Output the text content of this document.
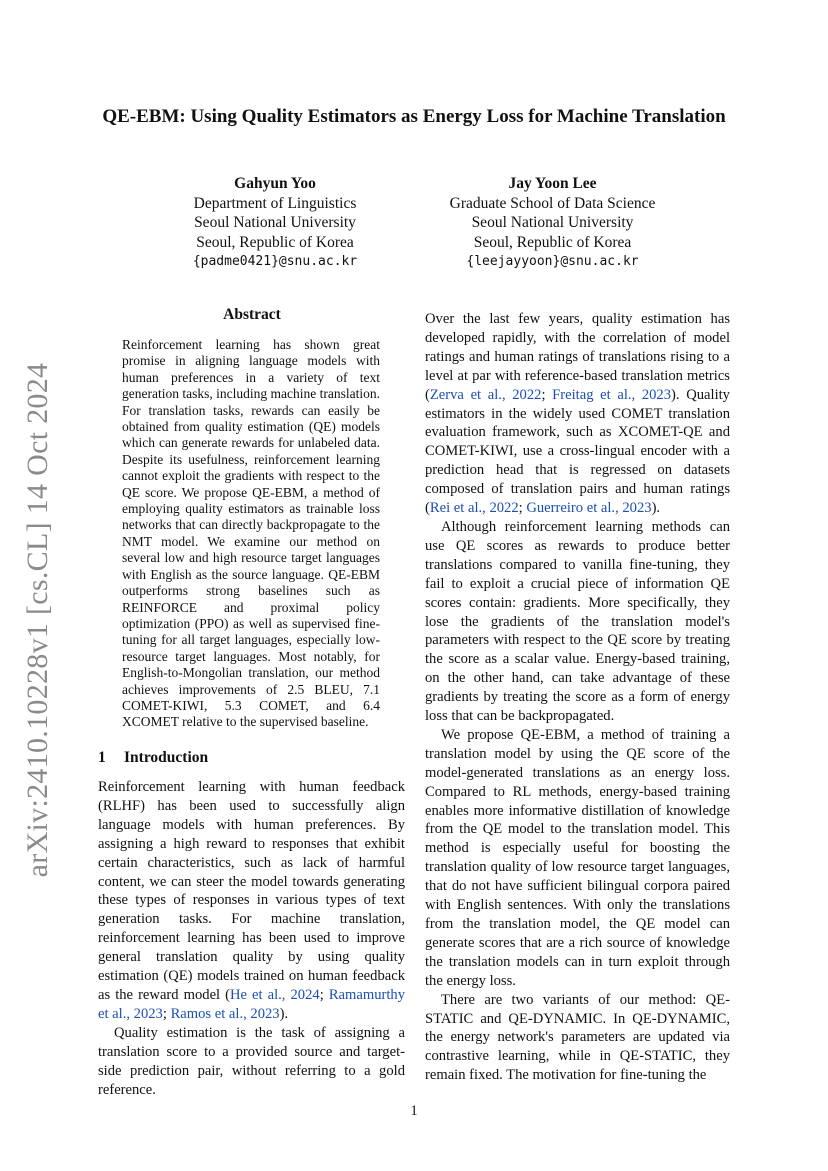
arXiv:2410.10228v1 [cs.CL] 14 Oct 2024
QE-EBM: Using Quality Estimators as Energy Loss for Machine Translation
Gahyun Yoo
Department of Linguistics
Seoul National University
Seoul, Republic of Korea
{padme0421}@snu.ac.kr
Jay Yoon Lee
Graduate School of Data Science
Seoul National University
Seoul, Republic of Korea
{leejayyoon}@snu.ac.kr
Abstract
Reinforcement learning has shown great promise in aligning language models with human preferences in a variety of text generation tasks, including machine translation. For translation tasks, rewards can easily be obtained from quality estimation (QE) models which can generate rewards for unlabeled data. Despite its usefulness, reinforcement learning cannot exploit the gradients with respect to the QE score. We propose QE-EBM, a method of employing quality estimators as trainable loss networks that can directly backpropagate to the NMT model. We examine our method on several low and high resource target languages with English as the source language. QE-EBM outperforms strong baselines such as REINFORCE and proximal policy optimization (PPO) as well as supervised fine-tuning for all target languages, especially low-resource target languages. Most notably, for English-to-Mongolian translation, our method achieves improvements of 2.5 BLEU, 7.1 COMET-KIWI, 5.3 COMET, and 6.4 XCOMET relative to the supervised baseline.
1 Introduction

Reinforcement learning with human feedback (RLHF) has been used to successfully align language models with human preferences. By assigning a high reward to responses that exhibit certain characteristics, such as lack of harmful content, we can steer the model towards generating these types of responses in various types of text generation tasks. For machine translation, reinforcement learning has been used to improve general translation quality by using quality estimation (QE) models trained on human feedback as the reward model (He et al., 2024; Ramamurthy et al., 2023; Ramos et al., 2023).

Quality estimation is the task of assigning a translation score to a provided source and target-side prediction pair, without referring to a gold reference.

Over the last few years, quality estimation has developed rapidly, with the correlation of model ratings and human ratings of translations rising to a level at par with reference-based translation metrics (Zerva et al., 2022; Freitag et al., 2023). Quality estimators in the widely used COMET translation evaluation framework, such as XCOMET-QE and COMET-KIWI, use a cross-lingual encoder with a prediction head that is regressed on datasets composed of translation pairs and human ratings (Rei et al., 2022; Guerreiro et al., 2023).

Although reinforcement learning methods can use QE scores as rewards to produce better translations compared to vanilla fine-tuning, they fail to exploit a crucial piece of information QE scores contain: gradients. More specifically, they lose the gradients of the translation model's parameters with respect to the QE score by treating the score as a scalar value. Energy-based training, on the other hand, can take advantage of these gradients by treating the score as a form of energy loss that can be backpropagated.

We propose QE-EBM, a method of training a translation model by using the QE score of the model-generated translations as an energy loss. Compared to RL methods, energy-based training enables more informative distillation of knowledge from the QE model to the translation model. This method is especially useful for boosting the translation quality of low resource target languages, that do not have sufficient bilingual corpora paired with English sentences. With only the translations from the translation model, the QE model can generate scores that are a rich source of knowledge the translation models can in turn exploit through the energy loss.

There are two variants of our method: QE-STATIC and QE-DYNAMIC. In QE-DYNAMIC, the energy network's parameters are updated via contrastive learning, while in QE-STATIC, they remain fixed. The motivation for fine-tuning the

1
